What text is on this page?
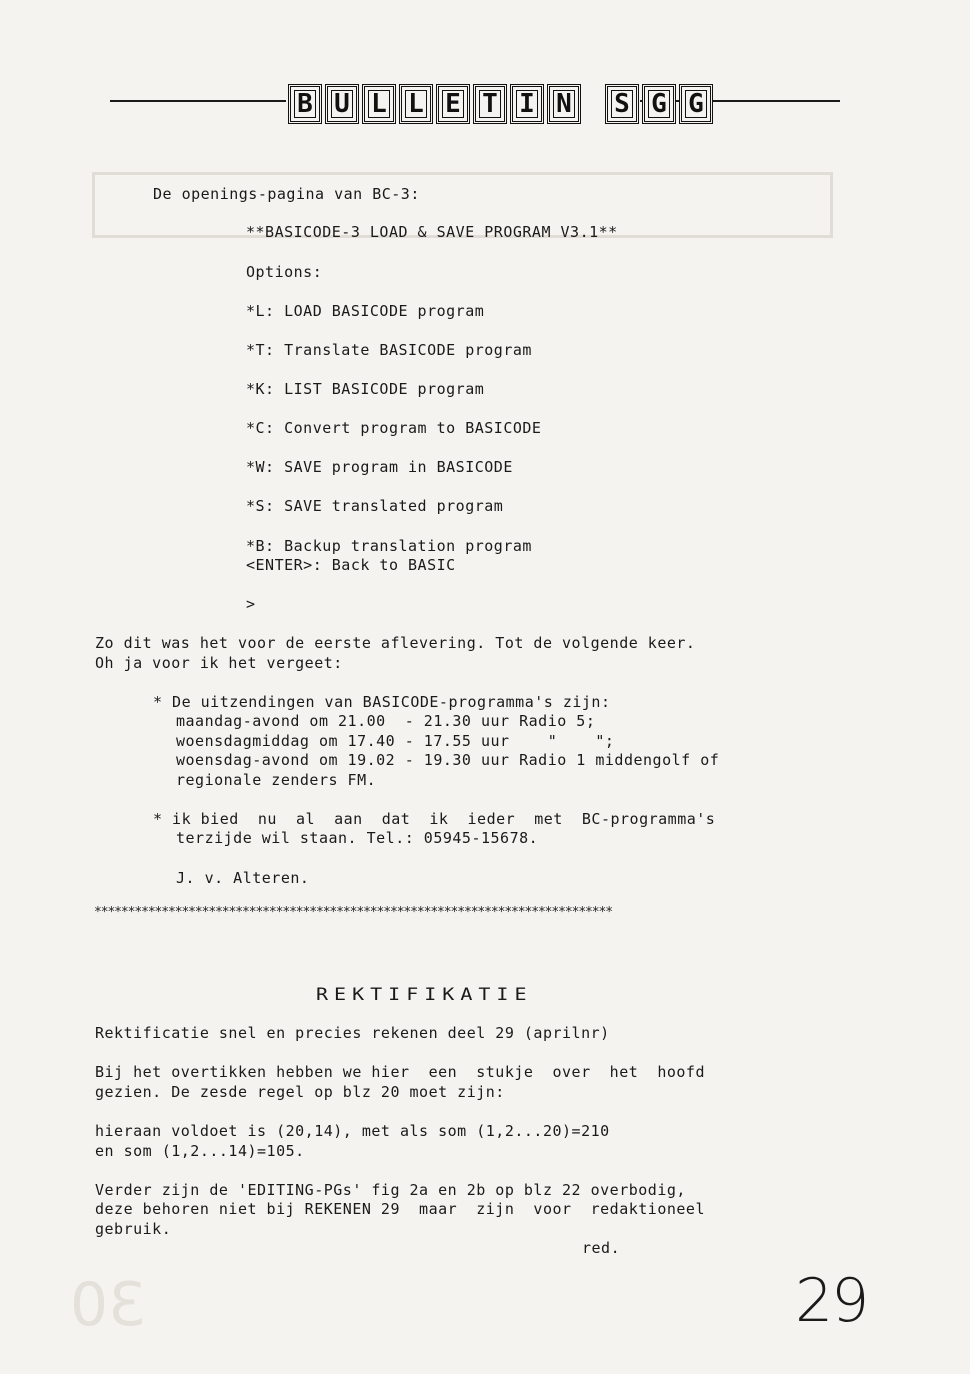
30
B U L L E T I N	S G G
De openings-pagina van BC-3:
**BASICODE-3 LOAD & SAVE PROGRAM V3.1**
Options:
*L: LOAD BASICODE program
*T: Translate BASICODE program
*K: LIST BASICODE program
*C: Convert program to BASICODE
*W: SAVE program in BASICODE
*S: SAVE translated program
*B: Backup translation program
<ENTER>: Back to BASIC
>
Zo dit was het voor de eerste aflevering. Tot de volgende keer.
Oh ja voor ik het vergeet:
* De uitzendingen van BASICODE-programma's zijn:
maandag-avond om 21.00  - 21.30 uur Radio 5;
woensdagmiddag om 17.40 - 17.55 uur    "    ";
woensdag-avond om 19.02 - 19.30 uur Radio 1 middengolf of
regionale zenders FM.
* ik bied  nu  al  aan  dat  ik  ieder  met  BC-programma's
terzijde wil staan. Tel.: 05945-15678.
J. v. Alteren.
*****************************************************************************
REKTIFIKATIE
Rektificatie snel en precies rekenen deel 29 (aprilnr)
Bij het overtikken hebben we hier  een  stukje  over  het  hoofd
gezien. De zesde regel op blz 20 moet zijn:
hieraan voldoet is (20,14), met als som (1,2...20)=210
en som (1,2...14)=105.
Verder zijn de 'EDITING-PGs' fig 2a en 2b op blz 22 overbodig,
deze behoren niet bij REKENEN 29  maar  zijn  voor  redaktioneel
gebruik.
red.
29
